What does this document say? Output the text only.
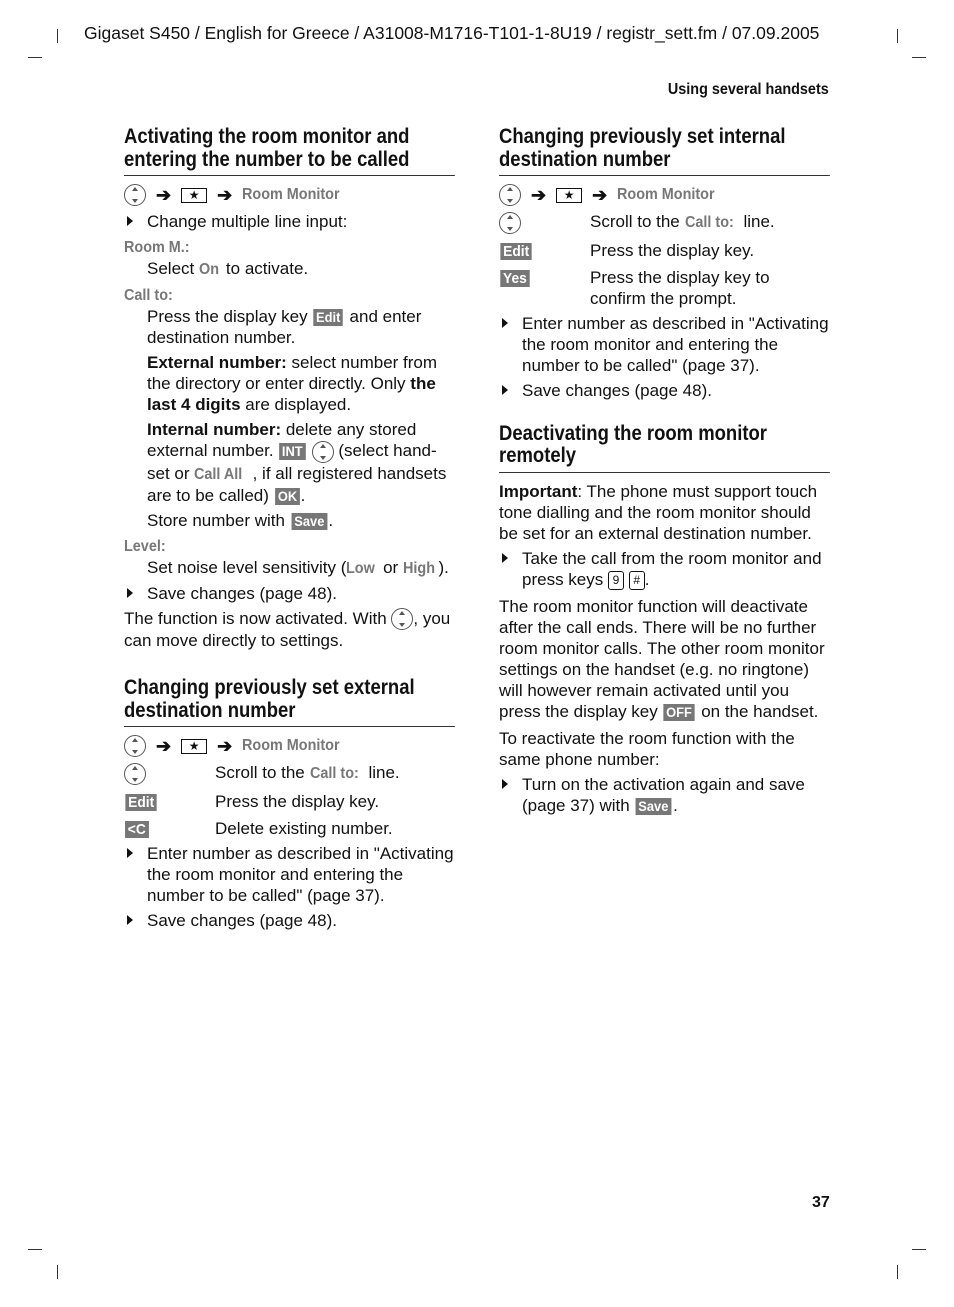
Gigaset S450 / English for Greece / A31008-M1716-T101-1-8U19 / registr_sett.fm / 07.09.2005
Using several handsets
37
Activating the room monitor and entering the number to be called
➔	★ ➔ Room Monitor

Change multiple line input:

Room M.:

Select On to activate.

Call to:

Press the display key Edit and enter destination number.

External number: select number from the directory or enter directly. Only the last 4 digits are displayed.

Internal number: delete any stored external number. INT  (select hand-set or Call All , if all registered handsets are to be called) OK .

Store number with Save .

Level:

Set noise level sensitivity (Low or High ).

Save changes (page 48).

The function is now activated. With , you can move directly to settings.

Changing previously set external destination number
➔	★ ➔ Room Monitor
Scroll to the Call to: line.
Edit	Press the display key.
<C	Delete existing number.

Enter number as described in "Activating the room monitor and entering the number to be called" (page 37).

Save changes (page 48).

Changing previously set internal destination number
➔	★ ➔ Room Monitor
Scroll to the Call to: line.
Edit	Press the display key.
Yes	Press the display key to confirm the prompt.

Enter number as described in "Activating the room monitor and entering the number to be called" (page 37).

Save changes (page 48).

Deactivating the room monitor remotely

Important: The phone must support touch tone dialling and the room monitor should be set for an external destination number.

Take the call from the room monitor and press keys 9 # .

The room monitor function will deactivate after the call ends. There will be no further room monitor calls. The other room monitor settings on the handset (e.g. no ringtone) will however remain activated until you press the display key OFF on the handset.

To reactivate the room function with the same phone number:

Turn on the activation again and save (page 37) with Save .
